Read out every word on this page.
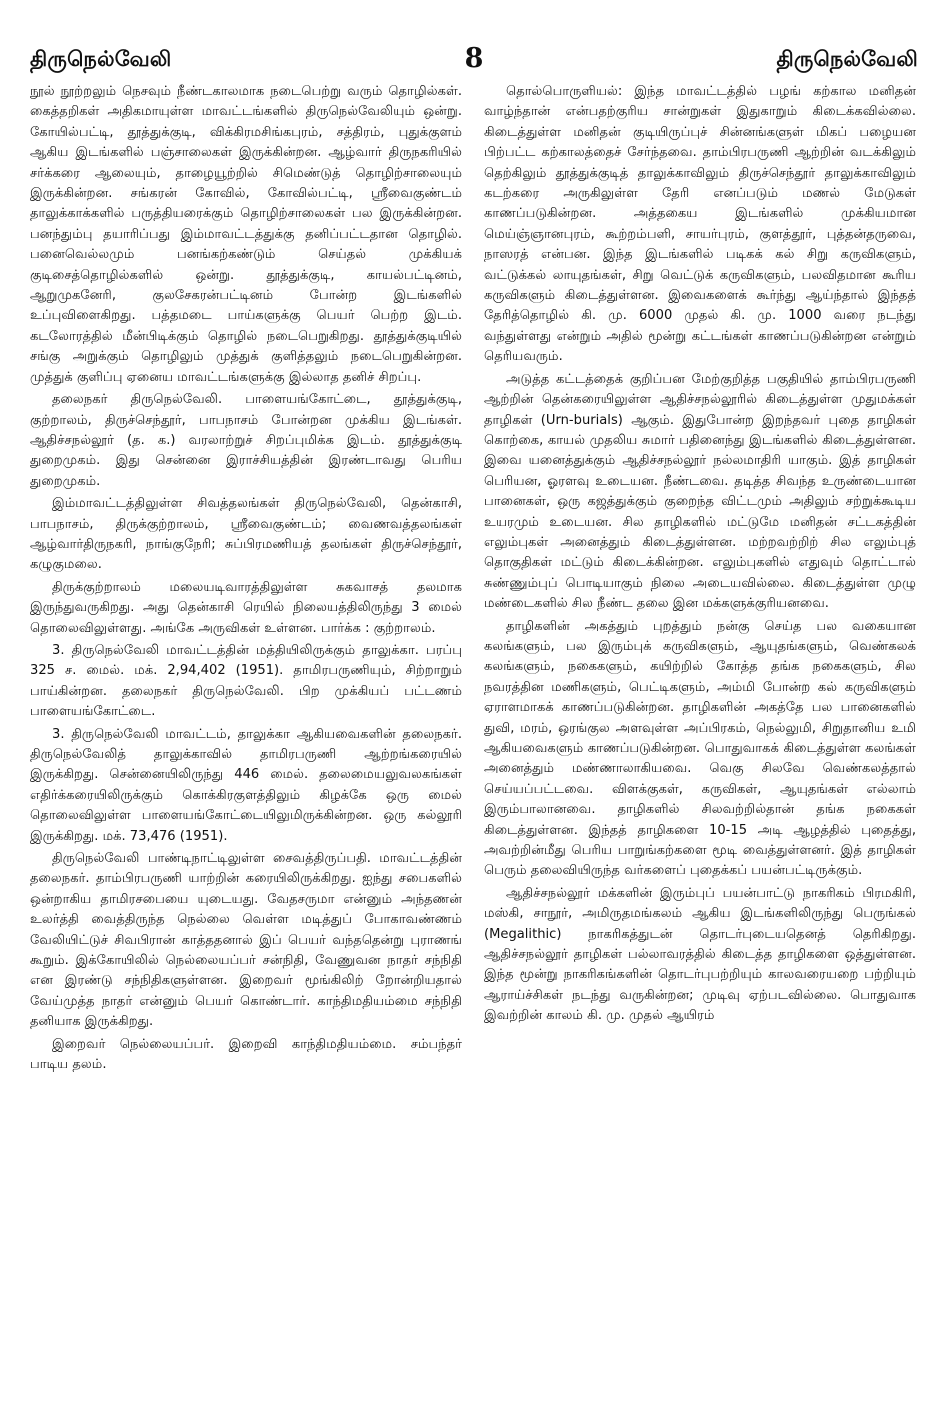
திருநெல்வேலி	8	திருநெல்வேலி

நூல் நூற்றலும் நெசவும் நீண்டகாலமாக நடைபெற்று வரும் தொழில்கள். கைத்தறிகள் அதிகமாயுள்ள மாவட்டங்களில் திருநெல்வேலியும் ஒன்று. கோயில்பட்டி, தூத்துக்குடி, விக்கிரமசிங்கபுரம், சத்திரம், புதுக்குளம் ஆகிய இடங்களில் பஞ்சாலைகள் இருக்கின்றன. ஆழ்வார் திருநகரியில் சர்க்கரை ஆலையும், தாழையூற்றில் சிமெண்டுத் தொழிற்சாலையும் இருக்கின்றன. சங்கரன் கோவில், கோவில்பட்டி, ஸ்ரீவைகுண்டம் தாலுக்காக்களில் பருத்தியரைக்கும் தொழிற்சாலைகள் பல இருக்கின்றன. பனந்தும்பு தயாரிப்பது இம்மாவட்டத்துக்கு தனிப்பட்டதான தொழில். பனைவெல்லமும் பனங்கற்கண்டும் செய்தல் முக்கியக் குடிசைத்தொழில்களில் ஒன்று. தூத்துக்குடி, காயல்பட்டினம், ஆறுமுகனேரி, குலசேகரன்பட்டினம் போன்ற இடங்களில் உப்புவிளைகிறது. பத்தமடை பாய்களுக்கு பெயர் பெற்ற இடம். கடலோரத்தில் மீன்பிடிக்கும் தொழில் நடைபெறுகிறது. தூத்துக்குடியில் சங்கு அறுக்கும் தொழிலும் முத்துக் குளித்தலும் நடைபெறுகின்றன. முத்துக் குளிப்பு ஏனைய மாவட்டங்களுக்கு இல்லாத தனிச் சிறப்பு.

தலைநகர் திருநெல்வேலி. பாளையங்கோட்டை, தூத்துக்குடி, குற்றாலம், திருச்செந்தூர், பாபநாசம் போன்றன முக்கிய இடங்கள். ஆதிச்சநல்லூர் (த. க.) வரலாற்றுச் சிறப்புமிக்க இடம். தூத்துக்குடி துறைமுகம். இது சென்னை இராச்சியத்தின் இரண்டாவது பெரிய துறைமுகம்.

இம்மாவட்டத்திலுள்ள சிவத்தலங்கள் திருநெல்வேலி, தென்காசி, பாபநாசம், திருக்குற்றாலம், ஸ்ரீவைகுண்டம்; வைணவத்தலங்கள் ஆழ்வார்திருநகரி, நாங்குநேரி; சுப்பிரமணியத் தலங்கள் திருச்செந்தூர், கழுகுமலை.

திருக்குற்றாலம் மலையடிவாரத்திலுள்ள சுகவாசத் தலமாக இருந்துவருகிறது. அது தென்காசி ரெயில் நிலையத்திலிருந்து 3 மைல் தொலைவிலுள்ளது. அங்கே அருவிகள் உள்ளன. பார்க்க : குற்றாலம்.

3. திருநெல்வேலி மாவட்டத்தின் மத்தியிலிருக்கும் தாலுக்கா. பரப்பு 325 ச. மைல். மக். 2,94,402 (1951). தாமிரபருணியும், சிற்றாறும் பாய்கின்றன. தலைநகர் திருநெல்வேலி. பிற முக்கியப் பட்டணம் பாளையங்கோட்டை.

3. திருநெல்வேலி மாவட்டம், தாலுக்கா ஆகியவைகளின் தலைநகர். திருநெல்வேலித் தாலுக்காவில் தாமிரபருணி ஆற்றங்கரையில் இருக்கிறது. சென்னையிலிருந்து 446 மைல். தலைமையலுவலகங்கள் எதிர்க்கரையிலிருக்கும் கொக்கிரகுளத்திலும் கிழக்கே ஒரு மைல் தொலைவிலுள்ள பாளையங்கோட்டையிலுமிருக்கின்றன. ஒரு கல்லூரி இருக்கிறது. மக். 73,476 (1951).

திருநெல்வேலி பாண்டிநாட்டிலுள்ள சைவத்திருப்பதி. மாவட்டத்தின் தலைநகர். தாம்பிரபருணி யாற்றின் கரையிலிருக்கிறது. ஐந்து சபைகளில் ஒன்றாகிய தாமிரசபையை யுடையது. வேதசருமா என்னும் அந்தணன் உலர்த்தி வைத்திருந்த நெல்லை வெள்ள மடித்துப் போகாவண்ணம் வேலியிட்டுச் சிவபிரான் காத்ததனால் இப் பெயர் வந்ததென்று புராணங் கூறும். இக்கோயிலில் நெல்லையப்பர் சன்நிதி, வேணுவன நாதர் சந்நிதி என இரண்டு சந்நிதிகளுள்ளன. இறைவர் மூங்கிலிற் றோன்றியதால் வேய்முத்த நாதர் என்னும் பெயர் கொண்டார். காந்திமதியம்மை சந்நிதி தனியாக இருக்கிறது.

இறைவர் நெல்லையப்பர். இறைவி காந்திமதியம்மை. சம்பந்தர் பாடிய தலம்.

தொல்பொருளியல்: இந்த மாவட்டத்தில் பழங் கற்கால மனிதன் வாழ்ந்தான் என்பதற்குரிய சான்றுகள் இதுகாறும் கிடைக்கவில்லை. கிடைத்துள்ள மனிதன் குடியிருப்புச் சின்னங்களுள் மிகப் பழையன பிற்பட்ட கற்காலத்தைச் சேர்ந்தவை. தாம்பிரபருணி ஆற்றின் வடக்கிலும் தெற்கிலும் தூத்துக்குடித் தாலுக்காவிலும் திருச்செந்தூர் தாலுக்காவிலும் கடற்கரை அருகிலுள்ள தேரி எனப்படும் மணல் மேடுகள் காணப்படுகின்றன. அத்தகைய இடங்களில் முக்கியமான மெய்ஞ்ஞானபுரம், கூற்றம்பளி, சாயர்புரம், குளத்தூர், புத்தன்தருவை, நாஸரத் என்பன. இந்த இடங்களில் படிகக் கல் சிறு கருவிகளும், வட்டுக்கல் லாயுதங்கள், சிறு வெட்டுக் கருவிகளும், பலவிதமான கூரிய கருவிகளும் கிடைத்துள்ளன. இவைகளைக் கூர்ந்து ஆய்ந்தால் இந்தத் தேரித்தொழில் கி. மு. 6000 முதல் கி. மு. 1000 வரை நடந்து வந்துள்ளது என்றும் அதில் மூன்று கட்டங்கள் காணப்படுகின்றன என்றும் தெரியவரும்.

அடுத்த கட்டத்தைக் குறிப்பன மேற்குறித்த பகுதியில் தாம்பிரபருணி ஆற்றின் தென்கரையிலுள்ள ஆதிச்சநல்லூரில் கிடைத்துள்ள முதுமக்கள் தாழிகள் (Urn-burials) ஆகும். இதுபோன்ற இறந்தவர் புதை தாழிகள் கொற்கை, காயல் முதலிய சுமார் பதினைந்து இடங்களில் கிடைத்துள்ளன. இவை யனைத்துக்கும் ஆதிச்சநல்லூர் நல்லமாதிரி யாகும். இத் தாழிகள் பெரியன, ஓரளவு உடையன. நீண்டவை. தடித்த சிவந்த உருண்டையான பானைகள், ஒரு கஜத்துக்கும் குறைந்த விட்டமும் அதிலும் சற்றுக்கூடிய உயரமும் உடையன. சில தாழிகளில் மட்டுமே மனிதன் சட்டகத்தின் எலும்புகள் அனைத்தும் கிடைத்துள்ளன. மற்றவற்றிற் சில எலும்புத் தொகுதிகள் மட்டும் கிடைக்கின்றன. எலும்புகளில் எதுவும் தொட்டால் சுண்ணும்புப் பொடியாகும் நிலை அடையவில்லை. கிடைத்துள்ள முழு மண்டைகளில் சில நீண்ட தலை இன மக்களுக்குரியனவை.

தாழிகளின் அகத்தும் புறத்தும் நன்கு செய்த பல வகையான கலங்களும், பல இரும்புக் கருவிகளும், ஆயுதங்களும், வெண்கலக் கலங்களும், நகைகளும், கயிற்றில் கோத்த தங்க நகைகளும், சில நவரத்தின மணிகளும், பெட்டிகளும், அம்மி போன்ற கல் கருவிகளும் ஏராளமாகக் காணப்படுகின்றன. தாழிகளின் அகத்தே பல பானைகளில் துவி, மரம், ஒரங்குல அளவுள்ள அப்பிரகம், நெல்லுமி, சிறுதானிய உமி ஆகியவைகளும் காணப்படுகின்றன. பொதுவாகக் கிடைத்துள்ள கலங்கள் அனைத்தும் மண்ணாலாகியவை. வெகு சிலவே வெண்கலத்தால் செய்யப்பட்டவை. விளக்குகள், கருவிகள், ஆயுதங்கள் எல்லாம் இரும்பாலானவை. தாழிகளில் சிலவற்றில்தான் தங்க நகைகள் கிடைத்துள்ளன. இந்தத் தாழிகளை 10-15 அடி ஆழத்தில் புதைத்து, அவற்றின்மீது பெரிய பாறுங்கற்களை மூடி வைத்துள்ளனர். இத் தாழிகள் பெரும் தலைவியிருந்த வர்களைப் புதைக்கப் பயன்பட்டிருக்கும்.

ஆதிச்சநல்லூர் மக்களின் இரும்புப் பயன்பாட்டு நாகரிகம் பிரமகிரி, மஸ்கி, சாநூர், அமிருதமங்கலம் ஆகிய இடங்களிலிருந்து பெருங்கல் (Megalithic) நாகரிகத்துடன் தொடர்புடையதெனத் தெரிகிறது. ஆதிச்சநல்லூர் தாழிகள் பல்லாவரத்தில் கிடைத்த தாழிகளை ஒத்துள்ளன. இந்த மூன்று நாகரிகங்களின் தொடர்புபற்றியும் காலவரையறை பற்றியும் ஆராய்ச்சிகள் நடந்து வருகின்றன; முடிவு ஏற்படவில்லை. பொதுவாக இவற்றின் காலம் கி. மு. முதல் ஆயிரம்
